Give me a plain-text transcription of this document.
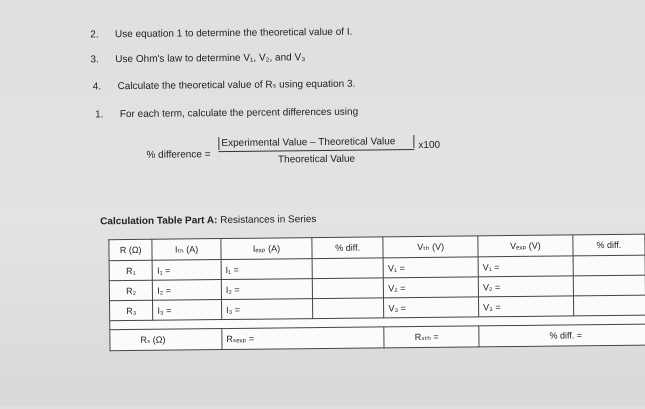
2. Use equation 1 to determine the theoretical value of I.
3. Use Ohm's law to determine V₁, V₂, and V₃
4. Calculate the theoretical value of Rₛ using equation 3.
1. For each term, calculate the percent differences using
% difference =
Experimental Value – Theoretical Value
Theoretical Value
x100
Calculation Table Part A: Resistances in Series
R (Ω)	Iₜₕ (A)	Iₑₓₚ (A)	% diff.	Vₜₕ (V)	Vₑₓₚ (V)	% diff.
R₁	I₁ =	I₁ =		V₁ =	V₁ =	
R₂	I₂ =	I₂ =		V₂ =	V₂ =	
R₃	I₃ =	I₃ =		V₃ =	V₃ =	

Rₛ (Ω)		Rₛₑₓₚ =		Rₛₜₕ =	% diff. =	
